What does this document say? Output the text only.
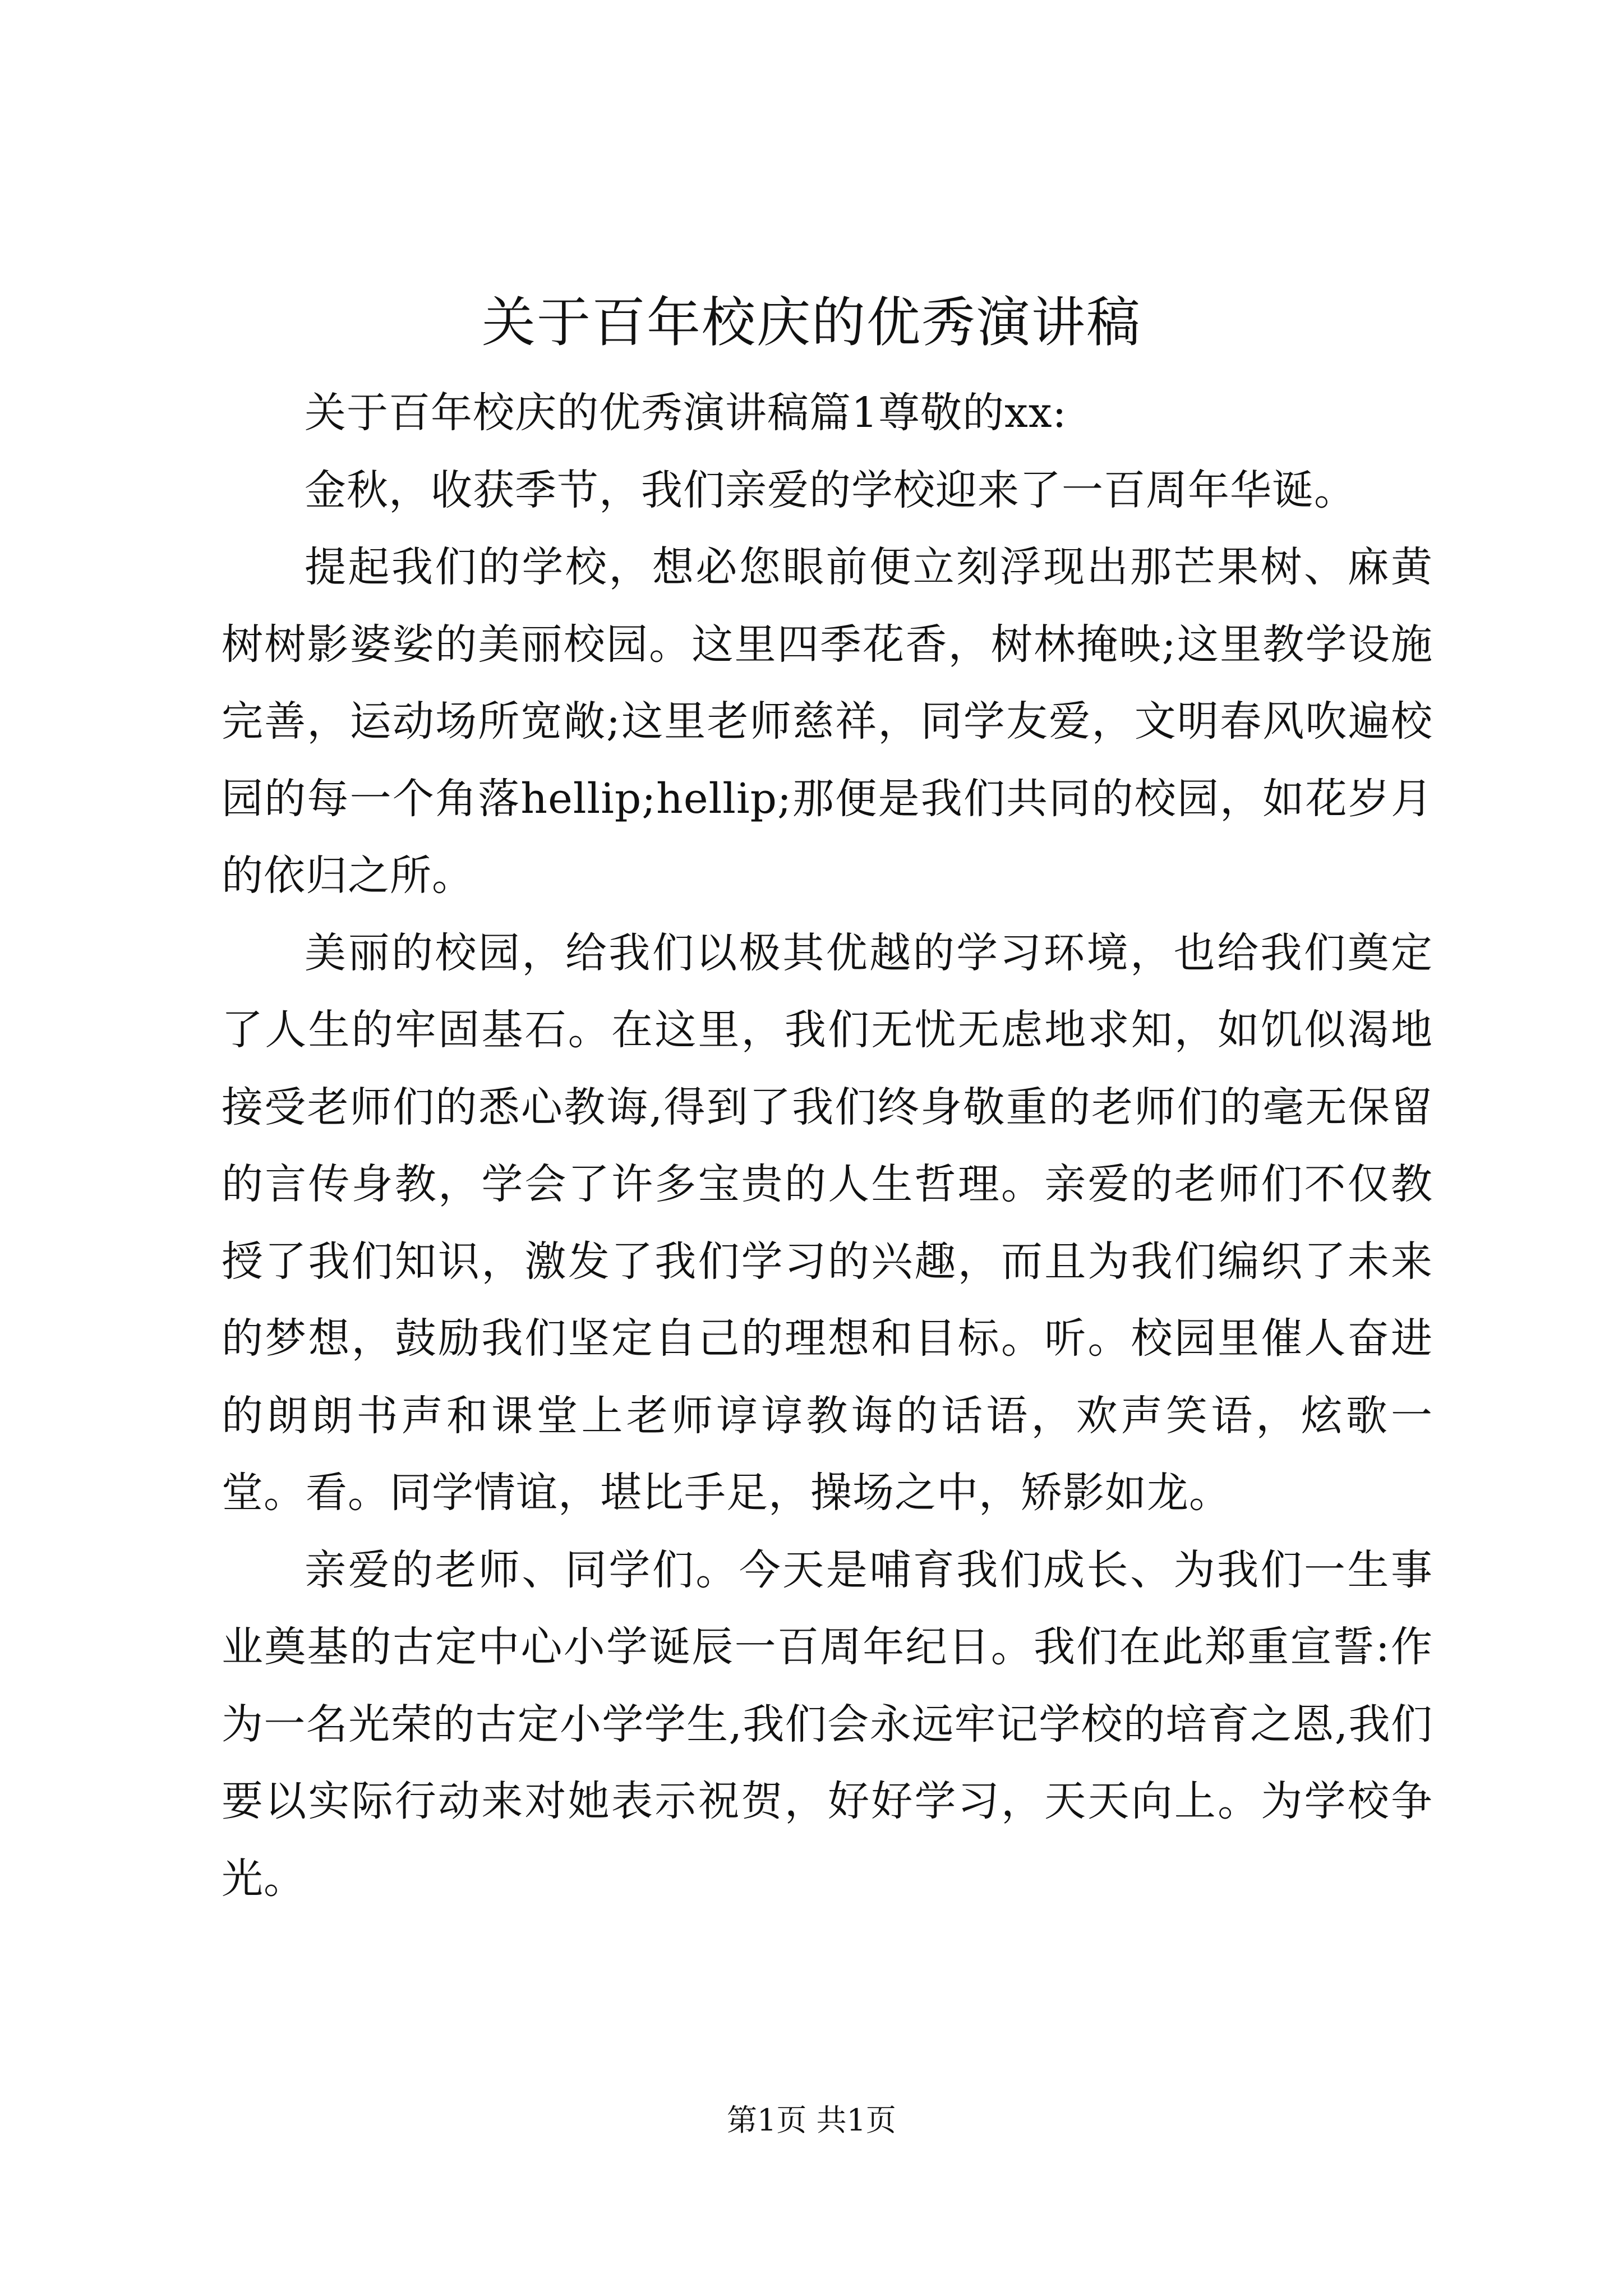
关于百年校庆的优秀演讲稿

关于百年校庆的优秀演讲稿篇1尊敬的xx:

金秋，收获季节，我们亲爱的学校迎来了一百周年华诞。

提起我们的学校，想必您眼前便立刻浮现出那芒果树、麻黄树树影婆娑的美丽校园。这里四季花香，树林掩映;这里教学设施完善，运动场所宽敞;这里老师慈祥，同学友爱，文明春风吹遍校园的每一个角落hellip;hellip;那便是我们共同的校园，如花岁月的依归之所。

美丽的校园，给我们以极其优越的学习环境，也给我们奠定了人生的牢固基石。在这里，我们无忧无虑地求知，如饥似渴地接受老师们的悉心教诲,得到了我们终身敬重的老师们的毫无保留的言传身教，学会了许多宝贵的人生哲理。亲爱的老师们不仅教授了我们知识，激发了我们学习的兴趣，而且为我们编织了未来的梦想，鼓励我们坚定自己的理想和目标。听。校园里催人奋进的朗朗书声和课堂上老师谆谆教诲的话语，欢声笑语，炫歌一堂。看。同学情谊，堪比手足，操场之中，矫影如龙。

亲爱的老师、同学们。今天是哺育我们成长、为我们一生事业奠基的古定中心小学诞辰一百周年纪日。我们在此郑重宣誓:作为一名光荣的古定小学学生,我们会永远牢记学校的培育之恩,我们要以实际行动来对她表示祝贺，好好学习，天天向上。为学校争光。

第1页 共1页
